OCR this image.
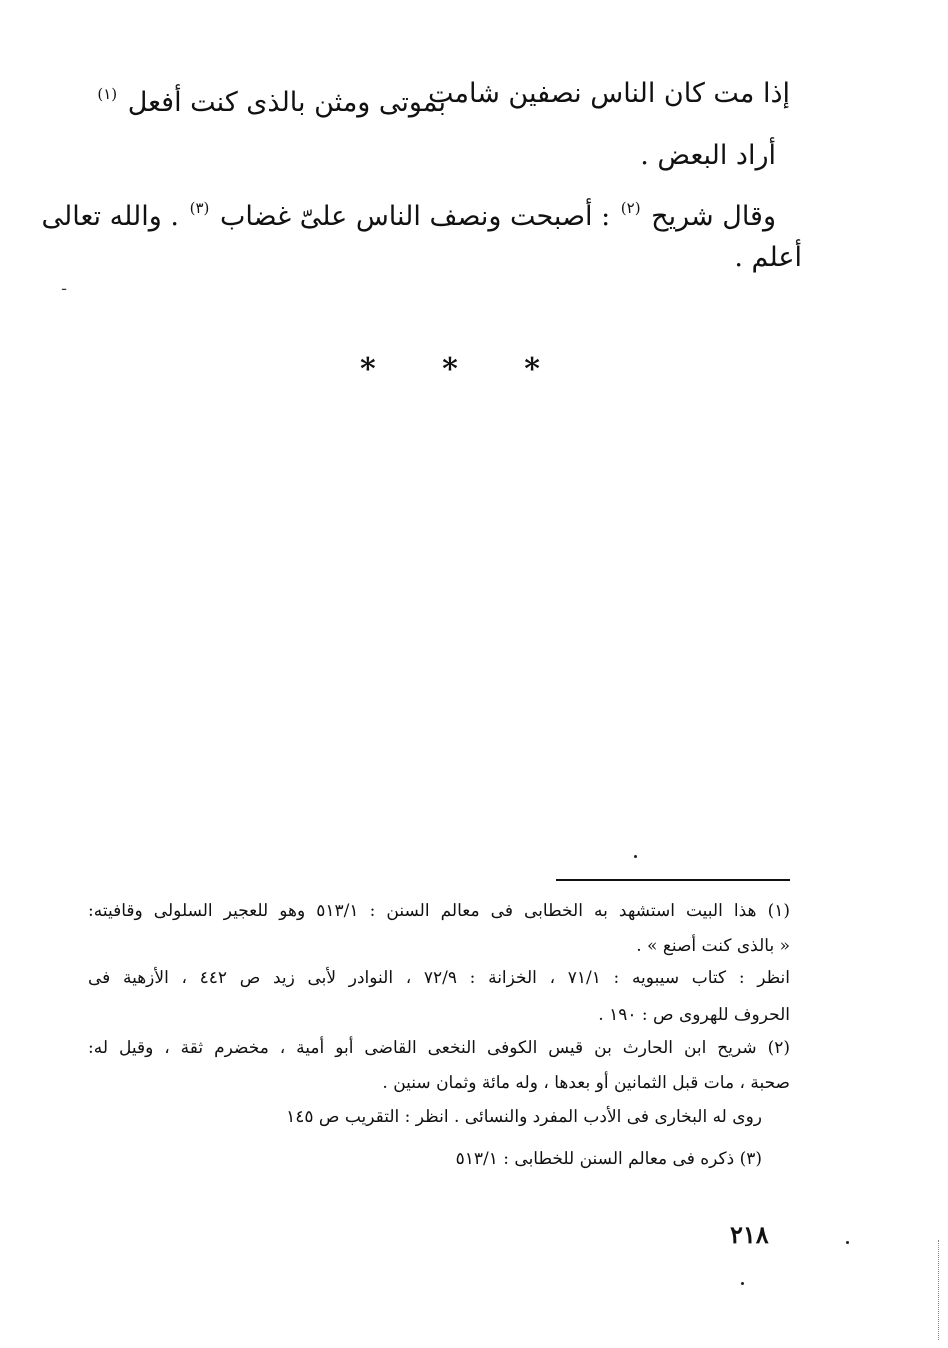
إذا مت كان الناس نصفين شامت
بموتى ومثن بالذى كنت أفعل $^{(١)}$
أراد البعض .
وقال شريح $^{(٢)}$ : أصبحت ونصف الناس علىّ غضاب $^{(٣)}$ . والله تعالى
أعلم .
ـ
* * *
(١) هذا البيت استشهد به الخطابى فى معالم السنن : ٥١٣/١ وهو للعجير السلولى وقافيته:
« بالذى كنت أصنع » .
انظر : كتاب سيبويه : ٧١/١ ، الخزانة : ٧٢/٩ ، النوادر لأبى زيد ص ٤٤٢ ، الأزهية فى
الحروف للهروى ص : ١٩٠ .
(٢) شريح ابن الحارث بن قيس الكوفى النخعى القاضى أبو أمية ، مخضرم ثقة ، وقيل له:
صحبة ، مات قبل الثمانين أو بعدها ، وله مائة وثمان سنين .
روى له البخارى فى الأدب المفرد والنسائى . انظر : التقريب ص ١٤٥
(٣) ذكره فى معالم السنن للخطابى : ٥١٣/١
٢١٨
